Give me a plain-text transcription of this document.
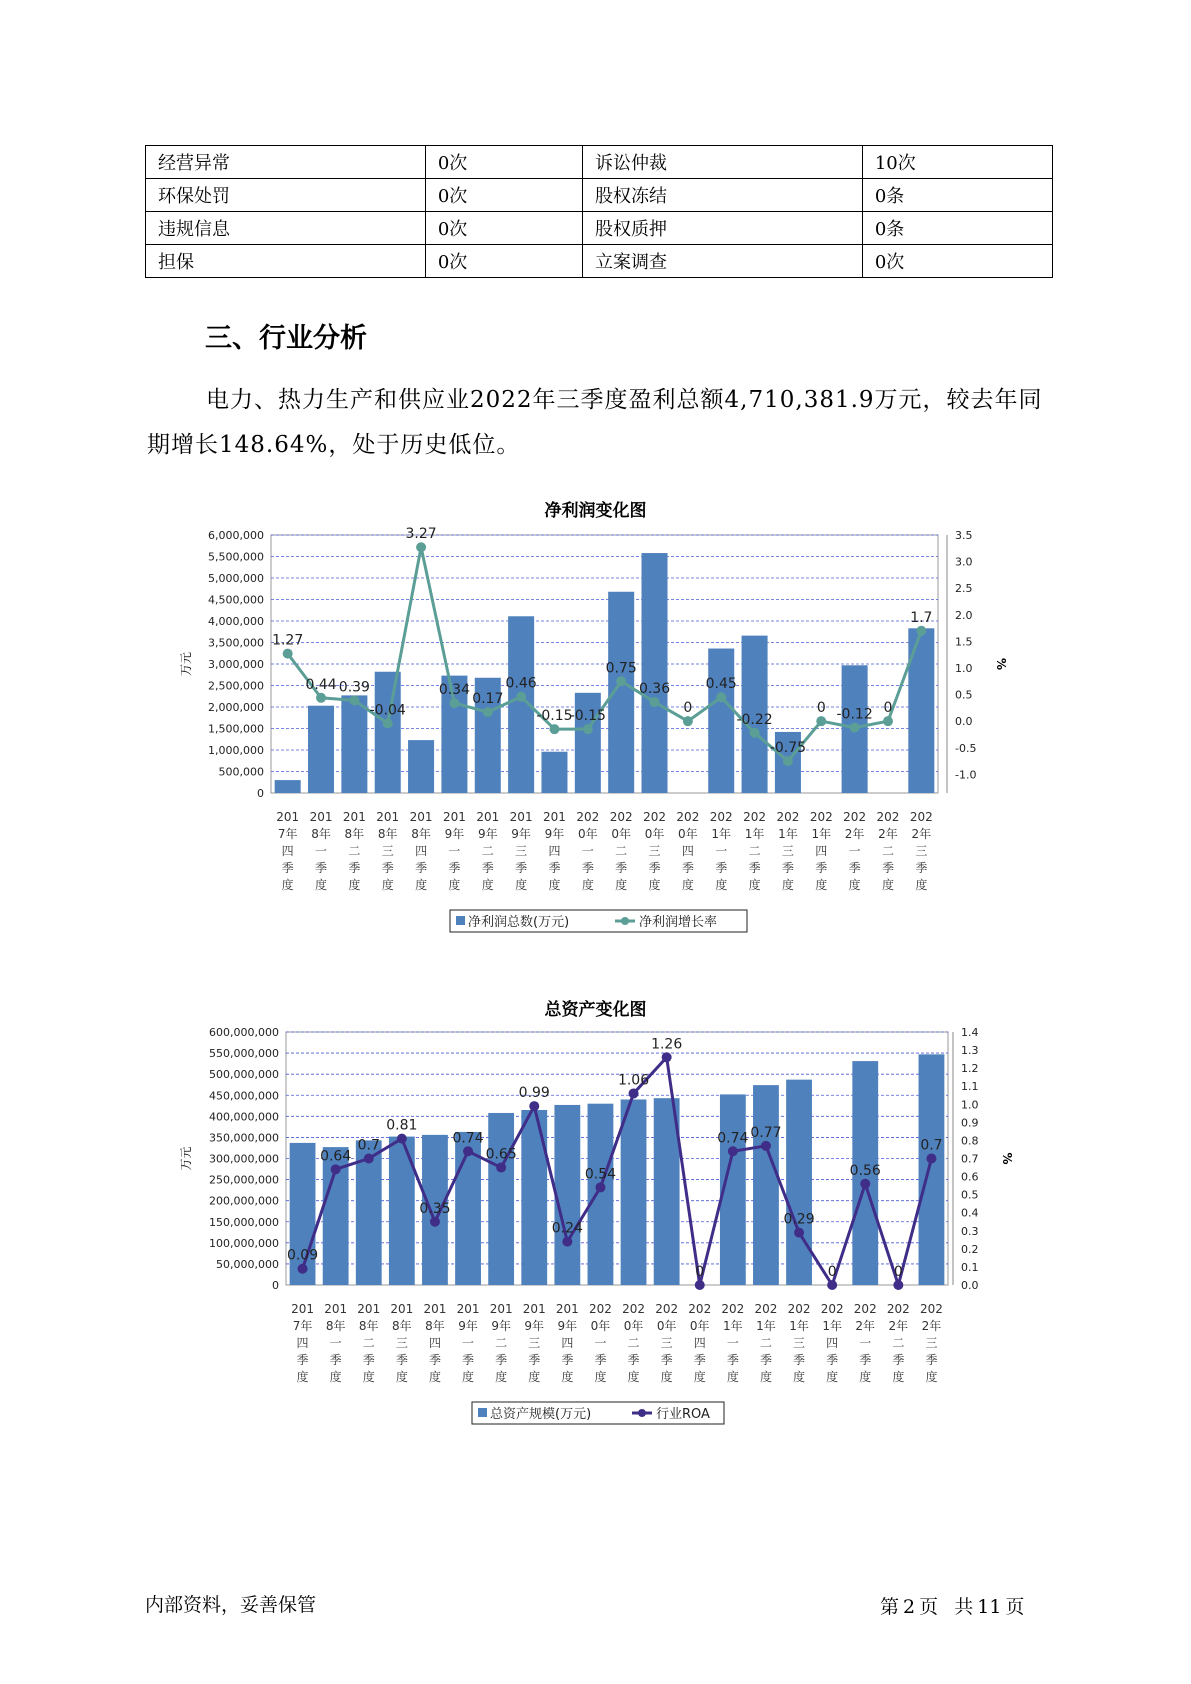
经营异常	0次	诉讼仲裁	10次
环保处罚	0次	股权冻结	0条
违规信息	0次	股权质押	0条
担保	0次	立案调查	0次
三、行业分析

电力、热力生产和供应业2022年三季度盈利总额4,710,381.9万元，较去年同期增长148.64%，处于历史低位。

净利润变化图
0
500,000
1,000,000
1,500,000
2,000,000
2,500,000
3,000,000
3,500,000
4,000,000
4,500,000
5,000,000
5,500,000
6,000,000
-1.0
-0.5
0.0
0.5
1.0
1.5
2.0
2.5
3.0
3.5
万元	%
1.27
0.44 0.39
-0.04
3.27
0.34
0.17
0.46
-0.15
-0.15
0.75
0.36
0
0.45
-0.22
-0.75
0 -0.12 0
1.7
201
7年
四
季
度
201
8年
一
季
度
201
8年
二
季
度
201
8年
三
季
度
201
8年
四
季
度
201
9年
一
季
度
201
9年
二
季
度
201
9年
三
季
度
201
9年
四
季
度
202
0年
一
季
度
202
0年
二
季
度
202
0年
三
季
度
202
0年
四
季
度
202
1年
一
季
度
202
1年
二
季
度
202
1年
三
季
度
202
1年
四
季
度
202
2年
一
季
度
202
2年
二
季
度
202
2年
三
季
度
净利润总数(万元)	净利润增长率
总资产变化图
0
50,000,000
100,000,000
150,000,000
200,000,000
250,000,000
300,000,000
350,000,000
400,000,000
450,000,000
500,000,000
550,000,000
600,000,000
0.0
0.1
0.2
0.3
0.4
0.5
0.6
0.7
0.8
0.9
1.0
1.1
1.2
1.3
1.4
万元	%
0.09
0.64
0.7
0.81
0.35
0.74
0.65
0.99
0.24
0.54
1.06
1.26
0
0.74 0.77
0.29
0
0.56
0
0.7
201
7年
四
季
度
201
8年
一
季
度
201
8年
二
季
度
201
8年
三
季
度
201
8年
四
季
度
201
9年
一
季
度
201
9年
二
季
度
201
9年
三
季
度
201
9年
四
季
度
202
0年
一
季
度
202
0年
二
季
度
202
0年
三
季
度
202
0年
四
季
度
202
1年
一
季
度
202
1年
二
季
度
202
1年
三
季
度
202
1年
四
季
度
202
2年
一
季
度
202
2年
二
季
度
202
2年
三
季
度
总资产规模(万元)	行业ROA
内部资料，妥善保管	第 2 页 共 11 页
